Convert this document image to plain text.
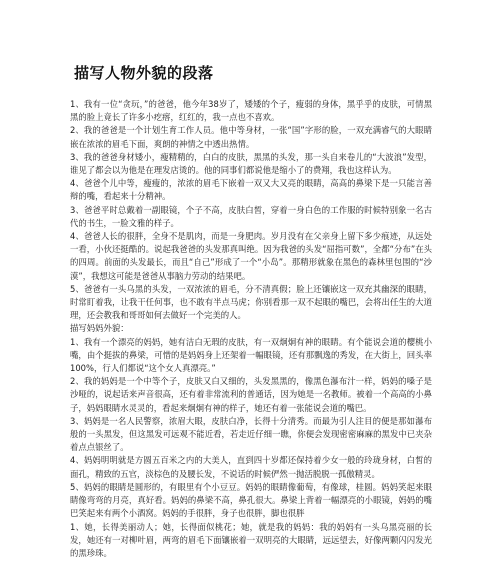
描写人物外貌的段落

1、我有一位“贪玩，”的爸爸，他今年38岁了，矮矮的个子，瘦弱的身体，黑乎乎的皮肤，可情黑黑的脸上竟长了许多小疙瘩，红红的，我一点也不喜欢。

2、我的爸爸是一个计划生育工作人员。他中等身材，一张“国”字形的脸，一双充满睿气的大眼睛嵌在浓浓的眉毛下面，爽朗的神情之中透出热情。

3、我的爸爸身材矮小，瘦精精的，白白的皮肤，黑黑的头发，那一头自来卷儿的“大波浪”发型，谁见了都会以为他是在理发店烫的。他的同事们都说他是缩小了的费翔，我也这样认为。

4、爸爸个儿中等，瘦瘦的，浓浓的眉毛下嵌着一双又大又亮的眼睛，高高的鼻梁下是一只能言善辩的嘴，看起来十分精神。

3、爸爸平时总戴着一副眼镜，个子不高，皮肤白皙，穿着一身白色的工作服的时候特别象一名古代的书生，一脸文雅的样子。

4、爸爸人长的很胖，全身不是肌肉，而是一身肥肉。岁月没有在父亲身上留下多少痕迹，从远处一看，小伙还挺酷的。说起我爸爸的头发那真叫绝。因为我爸的头发“屈指可数”，全都“分布”在头的四周。前面的头发最长，而且“自己”形成了一个“小岛”。那精形就象在黑色的森林里包围的“沙漠”，我想这可能是爸爸从事脑力劳动的结果吧。

5、爸爸有一头乌黑的头发，一双浓浓的眉毛，分不清真假；脸上还镶嵌这一双充其幽深的眼睛，时常盯着我，让我干任何事，也不敢有半点马虎；你别看那一双不起眼的嘴巴，会将出任生的大道理，还会教我和哥哥如何去做好一个完美的人。

描写妈妈外貌：

1、我有一个漂亮的妈妈，她有洁白无瑕的皮肤，有一双炯炯有神的眼睛。有个能说会道的樱桃小嘴，由个挺拔的鼻梁，可惜的是妈妈身上还架着一幅眼镜，还有那飘逸的秀发，在大街上，回头率100%，行人们都说“这个女人真漂亮。”

2、我的妈妈是一个中等个子，皮肤又白又细的，头发黑黑的，像黑色瀑布汁一样，妈妈的嗓子是沙哑的，说起话来声音很高，还有着非常流利的普通话，因为她是一名教师。被着一个高高的小鼻子，妈妈眼睛水灵灵的，看起来炯炯有神的样子，她还有着一张能说会道的嘴巴。

3、妈妈是一名人民警察，浓眉大眼，皮肤白净，长得十分清秀。而最为引人注目的便是那如瀑布般的一头黑发，但这黑发可远观不能近看，若走近仔细一瞧，你便会发现密密麻麻的黑发中已夹杂着点点银丝了。

4、妈妈明明就是方圆五百米之内的大美人，直到四十岁都还保持着少女一般的玲珑身材，白皙的面孔，精致的五官，淡棕色的及腰长发，不说话的时候俨然一抛活脱脱一孤傲精灵。

5、妈妈的眼睛是圆形的，有眼里有个小豆豆。妈妈的眼睛像葡萄，有像球，桂圆。妈妈笑起来眼睛像弯弯的月亮，真好看。妈妈的鼻梁不高，鼻孔很大。鼻梁上背着一幅漂亮的小眼镜，妈妈的嘴巴笑起来有两个小酒窝。妈妈的手很胖，身子也很胖，脚也很胖

1、她，长得美丽动人；她，长得面似桃花；她，就是我的妈妈：我的妈妈有一头乌黑亮丽的长发，她还有一对柳叶眉，两弯的眉毛下面镶嵌着一双明亮的大眼睛，远远望去，好像两颗闪闪发光的黑珍珠。
